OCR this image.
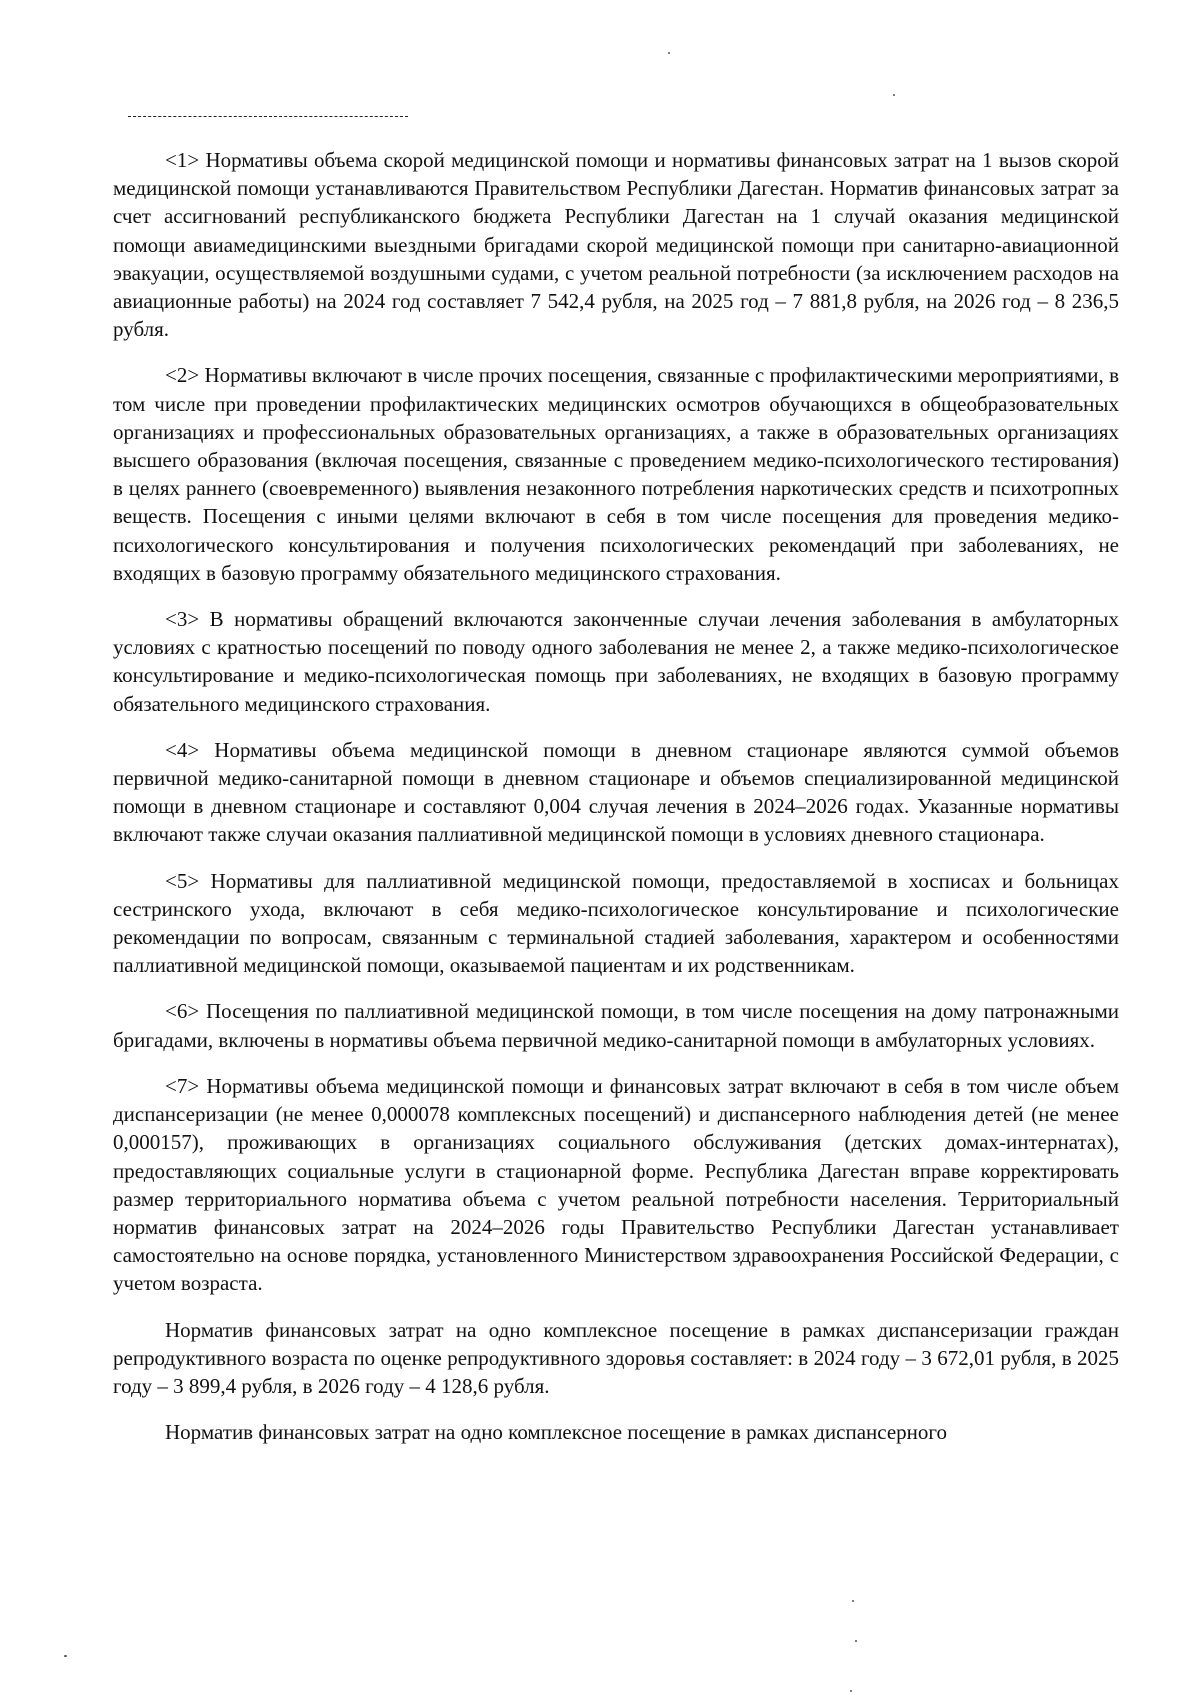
<1> Нормативы объема скорой медицинской помощи и нормативы финансовых затрат на 1 вызов скорой медицинской помощи устанавливаются Правительством Республики Дагестан. Норматив финансовых затрат за счет ассигнований республиканского бюджета Республики Дагестан на 1 случай оказания медицинской помощи авиамедицинскими выездными бригадами скорой медицинской помощи при санитарно-авиационной эвакуации, осуществляемой воздушными судами, с учетом реальной потребности (за исключением расходов на авиационные работы) на 2024 год составляет 7 542,4 рубля, на 2025 год – 7 881,8 рубля, на 2026 год – 8 236,5 рубля.

<2> Нормативы включают в числе прочих посещения, связанные с профилактическими мероприятиями, в том числе при проведении профилактических медицинских осмотров обучающихся в общеобразовательных организациях и профессиональных образовательных организациях, а также в образовательных организациях высшего образования (включая посещения, связанные с проведением медико-психологического тестирования) в целях раннего (своевременного) выявления незаконного потребления наркотических средств и психотропных веществ. Посещения с иными целями включают в себя в том числе посещения для проведения медико-психологического консультирования и получения психологических рекомендаций при заболеваниях, не входящих в базовую программу обязательного медицинского страхования.

<3> В нормативы обращений включаются законченные случаи лечения заболевания в амбулаторных условиях с кратностью посещений по поводу одного заболевания не менее 2, а также медико-психологическое консультирование и медико-психологическая помощь при заболеваниях, не входящих в базовую программу обязательного медицинского страхования.

<4> Нормативы объема медицинской помощи в дневном стационаре являются суммой объемов первичной медико-санитарной помощи в дневном стационаре и объемов специализированной медицинской помощи в дневном стационаре и составляют 0,004 случая лечения в 2024–2026 годах. Указанные нормативы включают также случаи оказания паллиативной медицинской помощи в условиях дневного стационара.

<5> Нормативы для паллиативной медицинской помощи, предоставляемой в хосписах и больницах сестринского ухода, включают в себя медико-психологическое консультирование и психологические рекомендации по вопросам, связанным с терминальной стадией заболевания, характером и особенностями паллиативной медицинской помощи, оказываемой пациентам и их родственникам.

<6> Посещения по паллиативной медицинской помощи, в том числе посещения на дому патронажными бригадами, включены в нормативы объема первичной медико-санитарной помощи в амбулаторных условиях.

<7> Нормативы объема медицинской помощи и финансовых затрат включают в себя в том числе объем диспансеризации (не менее 0,000078 комплексных посещений) и диспансерного наблюдения детей (не менее 0,000157), проживающих в организациях социального обслуживания (детских домах-интернатах), предоставляющих социальные услуги в стационарной форме. Республика Дагестан вправе корректировать размер территориального норматива объема с учетом реальной потребности населения. Территориальный норматив финансовых затрат на 2024–2026 годы Правительство Республики Дагестан устанавливает самостоятельно на основе порядка, установленного Министерством здравоохранения Российской Федерации, с учетом возраста.

Норматив финансовых затрат на одно комплексное посещение в рамках диспансеризации граждан репродуктивного возраста по оценке репродуктивного здоровья составляет: в 2024 году – 3 672,01 рубля, в 2025 году – 3 899,4 рубля, в 2026 году – 4 128,6 рубля.

Норматив финансовых затрат на одно комплексное посещение в рамках диспансерного
